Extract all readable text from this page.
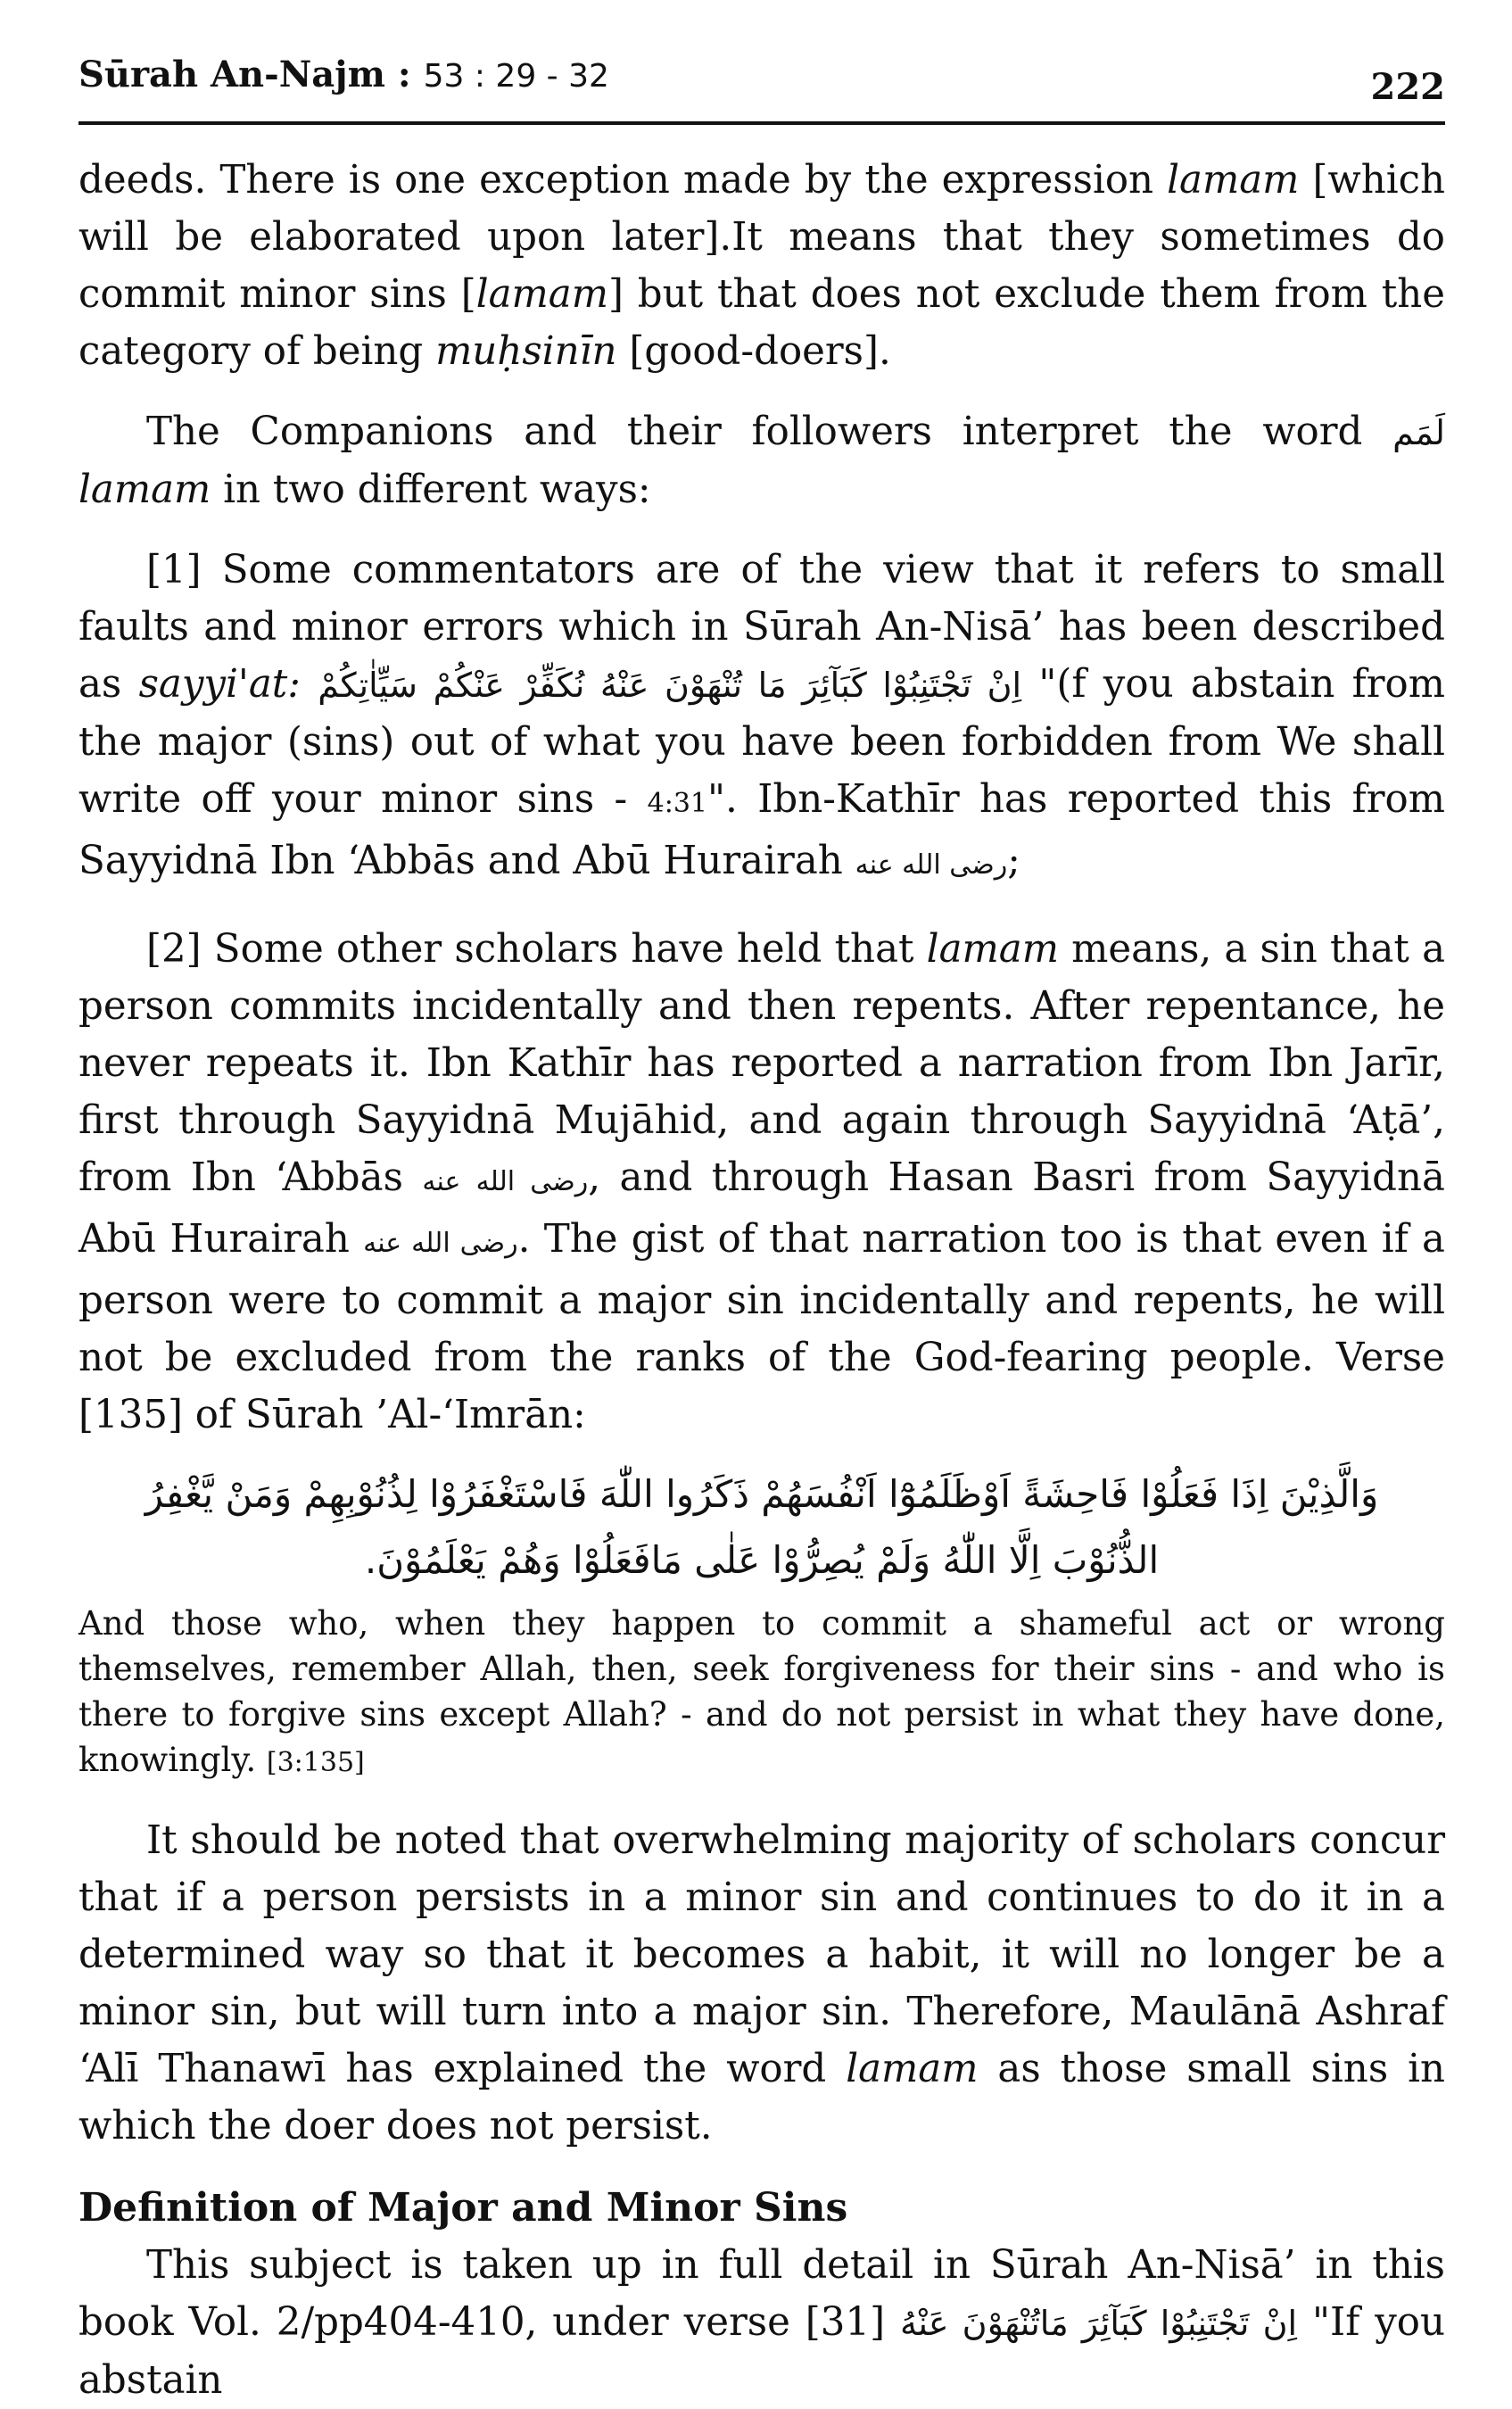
Sūrah An-Najm : 53 : 29 - 32	222

deeds. There is one exception made by the expression lamam [which will be elaborated upon later].It means that they sometimes do commit minor sins [lamam] but that does not exclude them from the category of being muḥsinīn [good-doers].

The Companions and their followers interpret the word لَمَم lamam in two different ways:

[1] Some commentators are of the view that it refers to small faults and minor errors which in Sūrah An-Nisā’ has been described as sayyi'at: اِنْ تَجْتَنِبُوْا كَبَآئِرَ مَا تُنْهَوْنَ عَنْهُ نُكَفِّرْ عَنْكُمْ سَيِّاٰتِكُمْ "(f you abstain from the major (sins) out of what you have been forbidden from We shall write off your minor sins - 4:31". Ibn-Kathīr has reported this from Sayyidnā Ibn ‘Abbās and Abū Hurairah رضى الله عنه;

[2] Some other scholars have held that lamam means, a sin that a person commits incidentally and then repents. After repentance, he never repeats it. Ibn Kathīr has reported a narration from Ibn Jarīr, first through Sayyidnā Mujāhid, and again through Sayyidnā ‘Aṭā’, from Ibn ‘Abbās رضى الله عنه, and through Hasan Basri from Sayyidnā Abū Hurairah رضى الله عنه. The gist of that narration too is that even if a person were to commit a major sin incidentally and repents, he will not be excluded from the ranks of the God-fearing people. Verse [135] of Sūrah ’Al-‘Imrān:

وَالَّذِيْنَ اِذَا فَعَلُوْا فَاحِشَةً اَوْظَلَمُوْٓا اَنْفُسَهُمْ ذَكَرُوا اللّٰهَ فَاسْتَغْفَرُوْا لِذُنُوْبِهِمْ وَمَنْ يَّغْفِرُ
الذُّنُوْبَ اِلَّا اللّٰهُ وَلَمْ يُصِرُّوْا عَلٰى مَافَعَلُوْا وَهُمْ يَعْلَمُوْنَ.

And those who, when they happen to commit a shameful act or wrong themselves, remember Allah, then, seek forgiveness for their sins - and who is there to forgive sins except Allah? - and do not persist in what they have done, knowingly. [3:135]

It should be noted that overwhelming majority of scholars concur that if a person persists in a minor sin and continues to do it in a determined way so that it becomes a habit, it will no longer be a minor sin, but will turn into a major sin. Therefore, Maulānā Ashraf ‘Alī Thanawī has explained the word lamam as those small sins in which the doer does not persist.

Definition of Major and Minor Sins

This subject is taken up in full detail in Sūrah An-Nisā’ in this book Vol. 2/pp404-410, under verse [31] اِنْ تَجْتَنِبُوْا كَبَآئِرَ مَاتُنْهَوْنَ عَنْهُ "If you abstain
